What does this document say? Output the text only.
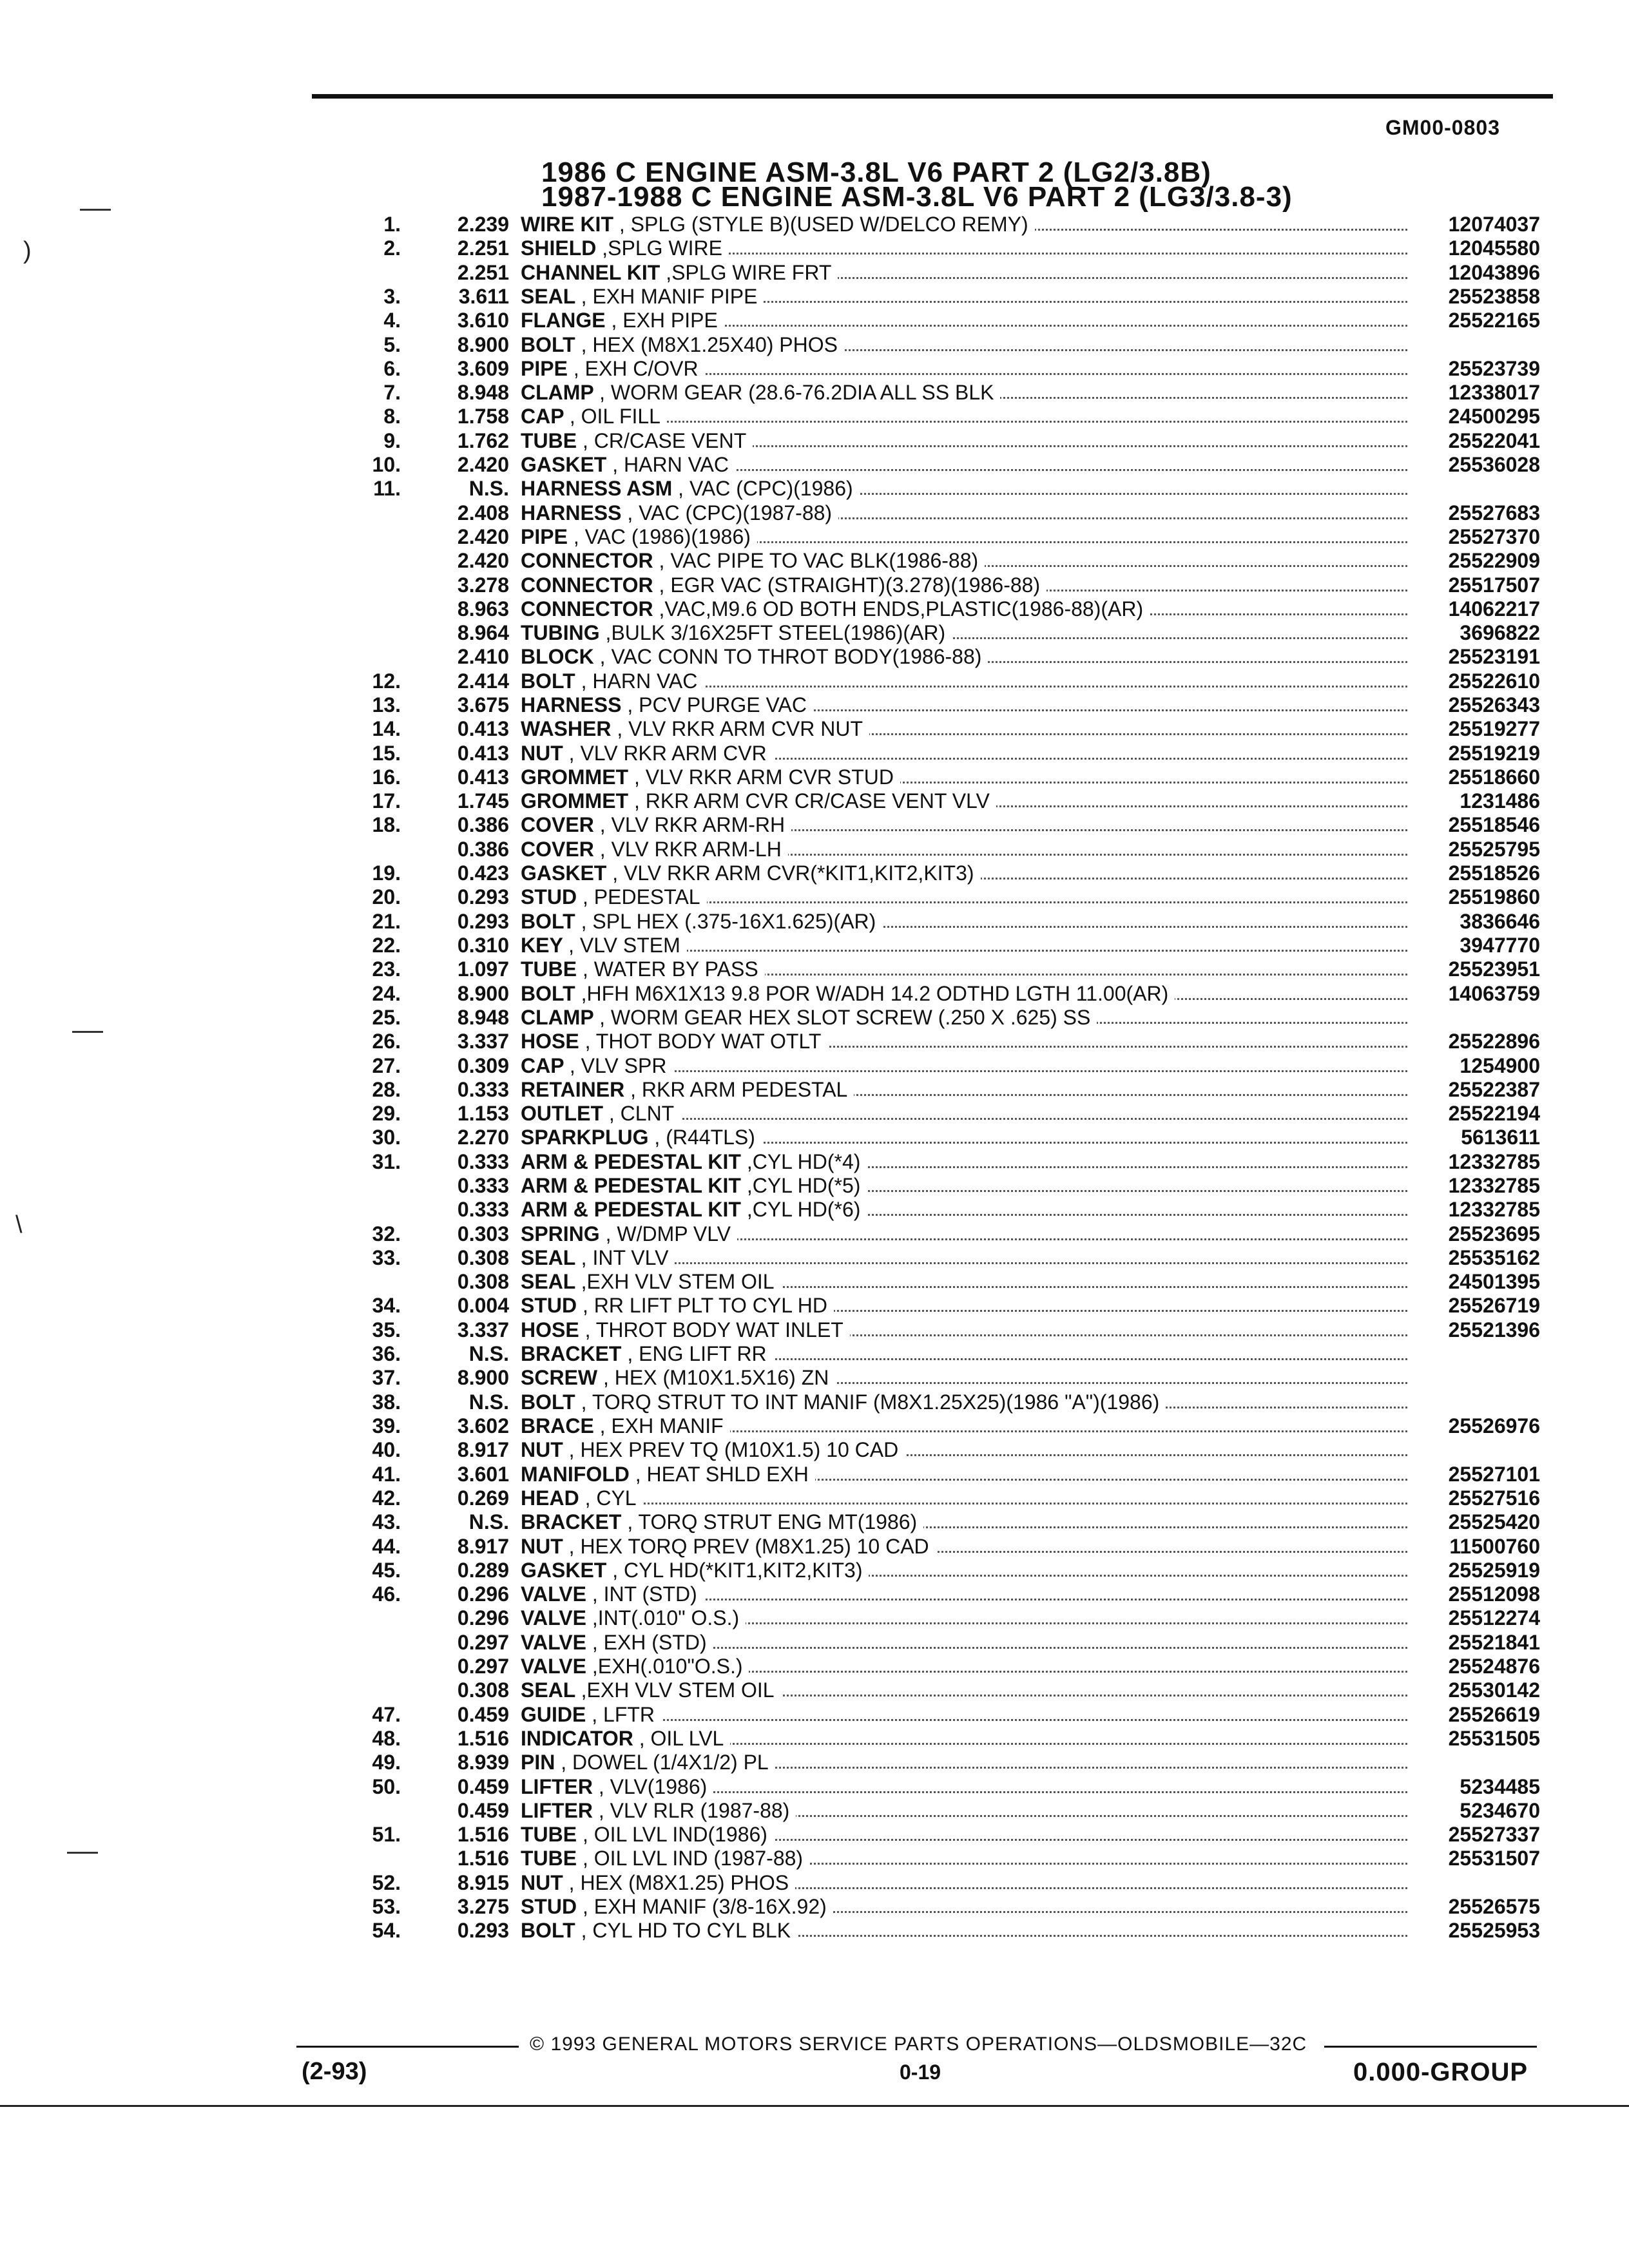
GM00-0803
1986 C ENGINE ASM-3.8L V6 PART 2 (LG2/3.8B)
1987-1988 C ENGINE ASM-3.8L V6 PART 2 (LG3/3.8-3)
1.	2.239 WIRE KIT , SPLG (STYLE B)(USED W/DELCO REMY)	12074037
2.	2.251 SHIELD ,SPLG WIRE	12045580
2.251 CHANNEL KIT ,SPLG WIRE FRT	12043896
3.	3.611 SEAL , EXH MANIF PIPE	25523858
4.	3.610 FLANGE , EXH PIPE	25522165
5.	8.900 BOLT , HEX (M8X1.25X40) PHOS
6.	3.609 PIPE , EXH C/OVR	25523739
7.	8.948 CLAMP , WORM GEAR (28.6-76.2DIA ALL SS BLK	12338017
8.	1.758 CAP , OIL FILL	24500295
9.	1.762 TUBE , CR/CASE VENT	25522041
10.	2.420 GASKET , HARN VAC	25536028
11.	N.S. HARNESS ASM , VAC (CPC)(1986)
2.408 HARNESS , VAC (CPC)(1987-88)	25527683
2.420 PIPE , VAC (1986)(1986)	25527370
2.420 CONNECTOR , VAC PIPE TO VAC BLK(1986-88)	25522909
3.278 CONNECTOR , EGR VAC (STRAIGHT)(3.278)(1986-88)	25517507
8.963 CONNECTOR ,VAC,M9.6 OD BOTH ENDS,PLASTIC(1986-88)(AR)	14062217
8.964 TUBING ,BULK 3/16X25FT STEEL(1986)(AR)	3696822
2.410 BLOCK , VAC CONN TO THROT BODY(1986-88)	25523191
12.	2.414 BOLT , HARN VAC	25522610
13.	3.675 HARNESS , PCV PURGE VAC	25526343
14.	0.413 WASHER , VLV RKR ARM CVR NUT	25519277
15.	0.413 NUT , VLV RKR ARM CVR	25519219
16.	0.413 GROMMET , VLV RKR ARM CVR STUD	25518660
17.	1.745 GROMMET , RKR ARM CVR CR/CASE VENT VLV	1231486
18.	0.386 COVER , VLV RKR ARM-RH	25518546
0.386 COVER , VLV RKR ARM-LH	25525795
19.	0.423 GASKET , VLV RKR ARM CVR(*KIT1,KIT2,KIT3)	25518526
20.	0.293 STUD , PEDESTAL	25519860
21.	0.293 BOLT , SPL HEX (.375-16X1.625)(AR)	3836646
22.	0.310 KEY , VLV STEM	3947770
23.	1.097 TUBE , WATER BY PASS	25523951
24.	8.900 BOLT ,HFH M6X1X13 9.8 POR W/ADH 14.2 ODTHD LGTH 11.00(AR)	14063759
25.	8.948 CLAMP , WORM GEAR HEX SLOT SCREW (.250 X .625) SS
26.	3.337 HOSE , THOT BODY WAT OTLT	25522896
27.	0.309 CAP , VLV SPR	1254900
28.	0.333 RETAINER , RKR ARM PEDESTAL	25522387
29.	1.153 OUTLET , CLNT	25522194
30.	2.270 SPARKPLUG , (R44TLS)	5613611
31.	0.333 ARM & PEDESTAL KIT ,CYL HD(*4)	12332785
0.333 ARM & PEDESTAL KIT ,CYL HD(*5)	12332785
0.333 ARM & PEDESTAL KIT ,CYL HD(*6)	12332785
32.	0.303 SPRING , W/DMP VLV	25523695
33.	0.308 SEAL , INT VLV	25535162
0.308 SEAL ,EXH VLV STEM OIL	24501395
34.	0.004 STUD , RR LIFT PLT TO CYL HD	25526719
35.	3.337 HOSE , THROT BODY WAT INLET	25521396
36.	N.S. BRACKET , ENG LIFT RR
37.	8.900 SCREW , HEX (M10X1.5X16) ZN
38.	N.S. BOLT , TORQ STRUT TO INT MANIF (M8X1.25X25)(1986 "A")(1986)
39.	3.602 BRACE , EXH MANIF	25526976
40.	8.917 NUT , HEX PREV TQ (M10X1.5) 10 CAD
41.	3.601 MANIFOLD , HEAT SHLD EXH	25527101
42.	0.269 HEAD , CYL	25527516
43.	N.S. BRACKET , TORQ STRUT ENG MT(1986)	25525420
44.	8.917 NUT , HEX TORQ PREV (M8X1.25) 10 CAD	11500760
45.	0.289 GASKET , CYL HD(*KIT1,KIT2,KIT3)	25525919
46.	0.296 VALVE , INT (STD)	25512098
0.296 VALVE ,INT(.010" O.S.)	25512274
0.297 VALVE , EXH (STD)	25521841
0.297 VALVE ,EXH(.010"O.S.)	25524876
0.308 SEAL ,EXH VLV STEM OIL	25530142
47.	0.459 GUIDE , LFTR	25526619
48.	1.516 INDICATOR , OIL LVL	25531505
49.	8.939 PIN , DOWEL (1/4X1/2) PL
50.	0.459 LIFTER , VLV(1986)	5234485
0.459 LIFTER , VLV RLR (1987-88)	5234670
51.	1.516 TUBE , OIL LVL IND(1986)	25527337
1.516 TUBE , OIL LVL IND (1987-88)	25531507
52.	8.915 NUT , HEX (M8X1.25) PHOS
53.	3.275 STUD , EXH MANIF (3/8-16X.92)	25526575
54.	0.293 BOLT , CYL HD TO CYL BLK	25525953
© 1993 GENERAL MOTORS SERVICE PARTS OPERATIONS—OLDSMOBILE—32C
(2-93)	0-19	0.000-GROUP
)
\
